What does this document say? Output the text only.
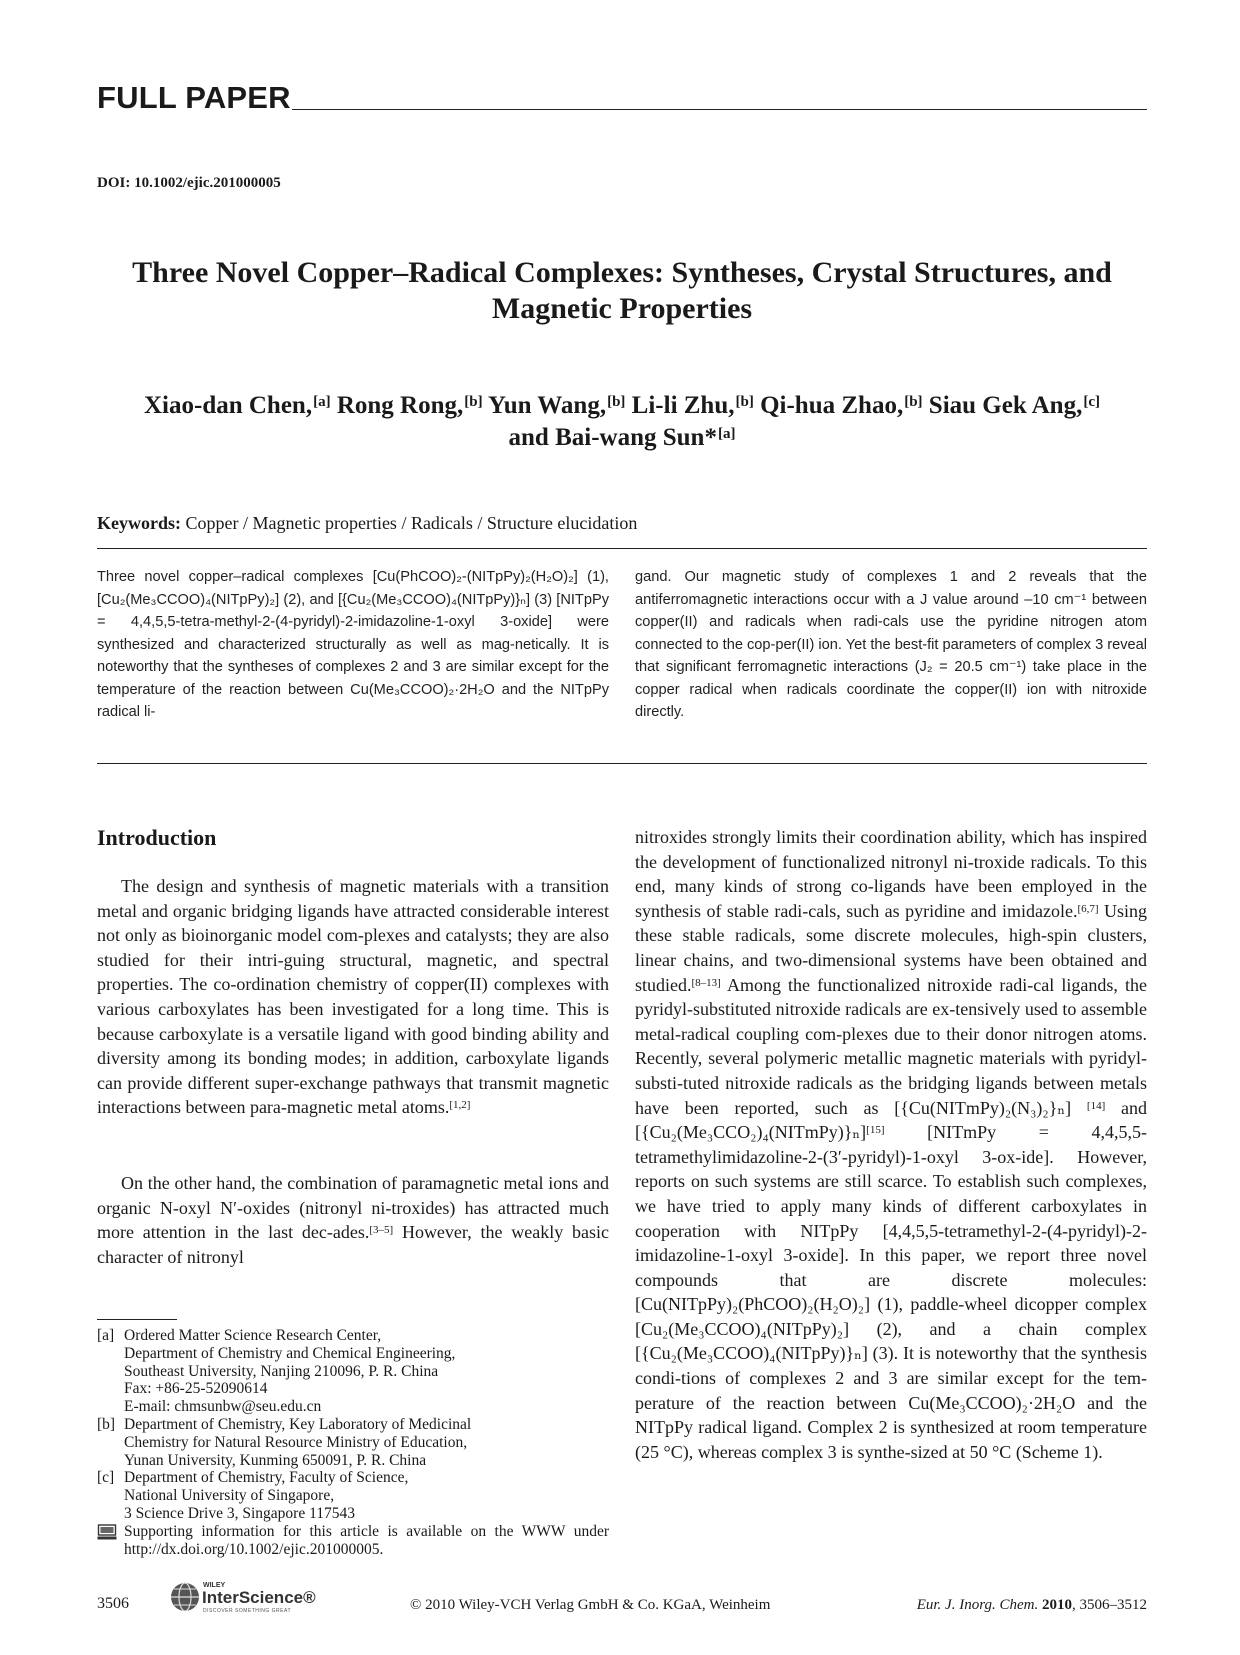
FULL PAPER
DOI: 10.1002/ejic.201000005
Three Novel Copper–Radical Complexes: Syntheses, Crystal Structures, and Magnetic Properties
Xiao-dan Chen,[a] Rong Rong,[b] Yun Wang,[b] Li-li Zhu,[b] Qi-hua Zhao,[b] Siau Gek Ang,[c]
and Bai-wang Sun*[a]
Keywords: Copper / Magnetic properties / Radicals / Structure elucidation
Three novel copper–radical complexes [Cu(PhCOO)₂-(NITpPy)₂(H₂O)₂] (1), [Cu₂(Me₃CCOO)₄(NITpPy)₂] (2), and [{Cu₂(Me₃CCOO)₄(NITpPy)}ₙ] (3) [NITpPy = 4,4,5,5-tetra-methyl-2-(4-pyridyl)-2-imidazoline-1-oxyl 3-oxide] were synthesized and characterized structurally as well as mag-netically. It is noteworthy that the syntheses of complexes 2 and 3 are similar except for the temperature of the reaction between Cu(Me₃CCOO)₂·2H₂O and the NITpPy radical li-
gand. Our magnetic study of complexes 1 and 2 reveals that the antiferromagnetic interactions occur with a J value around –10 cm⁻¹ between copper(II) and radicals when radi-cals use the pyridine nitrogen atom connected to the cop-per(II) ion. Yet the best-fit parameters of complex 3 reveal that significant ferromagnetic interactions (J₂ = 20.5 cm⁻¹) take place in the copper radical when radicals coordinate the copper(II) ion with nitroxide directly.
Introduction
The design and synthesis of magnetic materials with a transition metal and organic bridging ligands have attracted considerable interest not only as bioinorganic model com-plexes and catalysts; they are also studied for their intri-guing structural, magnetic, and spectral properties. The co-ordination chemistry of copper(II) complexes with various carboxylates has been investigated for a long time. This is because carboxylate is a versatile ligand with good binding ability and diversity among its bonding modes; in addition, carboxylate ligands can provide different super-exchange pathways that transmit magnetic interactions between para-magnetic metal atoms.[1,2]
On the other hand, the combination of paramagnetic metal ions and organic N-oxyl N′-oxides (nitronyl ni-troxides) has attracted much more attention in the last dec-ades.[3–5] However, the weakly basic character of nitronyl
nitroxides strongly limits their coordination ability, which has inspired the development of functionalized nitronyl ni-troxide radicals. To this end, many kinds of strong co-ligands have been employed in the synthesis of stable radi-cals, such as pyridine and imidazole.[6,7] Using these stable radicals, some discrete molecules, high-spin clusters, linear chains, and two-dimensional systems have been obtained and studied.[8–13] Among the functionalized nitroxide radi-cal ligands, the pyridyl-substituted nitroxide radicals are ex-tensively used to assemble metal-radical coupling com-plexes due to their donor nitrogen atoms. Recently, several polymeric metallic magnetic materials with pyridyl-substi-tuted nitroxide radicals as the bridging ligands between metals have been reported, such as [{Cu(NITmPy)₂(N₃)₂}ₙ] [14] and [{Cu₂(Me₃CCO₂)₄(NITmPy)}ₙ][15] [NITmPy = 4,4,5,5-tetramethylimidazoline-2-(3′-pyridyl)-1-oxyl 3-ox-ide]. However, reports on such systems are still scarce. To establish such complexes, we have tried to apply many kinds of different carboxylates in cooperation with NITpPy [4,4,5,5-tetramethyl-2-(4-pyridyl)-2-imidazoline-1-oxyl 3-oxide]. In this paper, we report three novel compounds that are discrete molecules: [Cu(NITpPy)₂(PhCOO)₂(H₂O)₂] (1), paddle-wheel dicopper complex [Cu₂(Me₃CCOO)₄(NITpPy)₂] (2), and a chain complex [{Cu₂(Me₃CCOO)₄(NITpPy)}ₙ] (3). It is noteworthy that the synthesis condi-tions of complexes 2 and 3 are similar except for the tem-perature of the reaction between Cu(Me₃CCOO)₂·2H₂O and the NITpPy radical ligand. Complex 2 is synthesized at room temperature (25 °C), whereas complex 3 is synthe-sized at 50 °C (Scheme 1).
[a] Ordered Matter Science Research Center,
Department of Chemistry and Chemical Engineering,
Southeast University, Nanjing 210096, P. R. China
Fax: +86-25-52090614
E-mail: chmsunbw@seu.edu.cn
[b] Department of Chemistry, Key Laboratory of Medicinal
Chemistry for Natural Resource Ministry of Education,
Yunan University, Kunming 650091, P. R. China
[c] Department of Chemistry, Faculty of Science,
National University of Singapore,
3 Science Drive 3, Singapore 117543
Supporting information for this article is available on the WWW under http://dx.doi.org/10.1002/ejic.201000005.
3506
WILEY
InterScience®
DISCOVER SOMETHING GREAT	© 2010 Wiley-VCH Verlag GmbH & Co. KGaA, Weinheim	Eur. J. Inorg. Chem. 2010, 3506–3512
